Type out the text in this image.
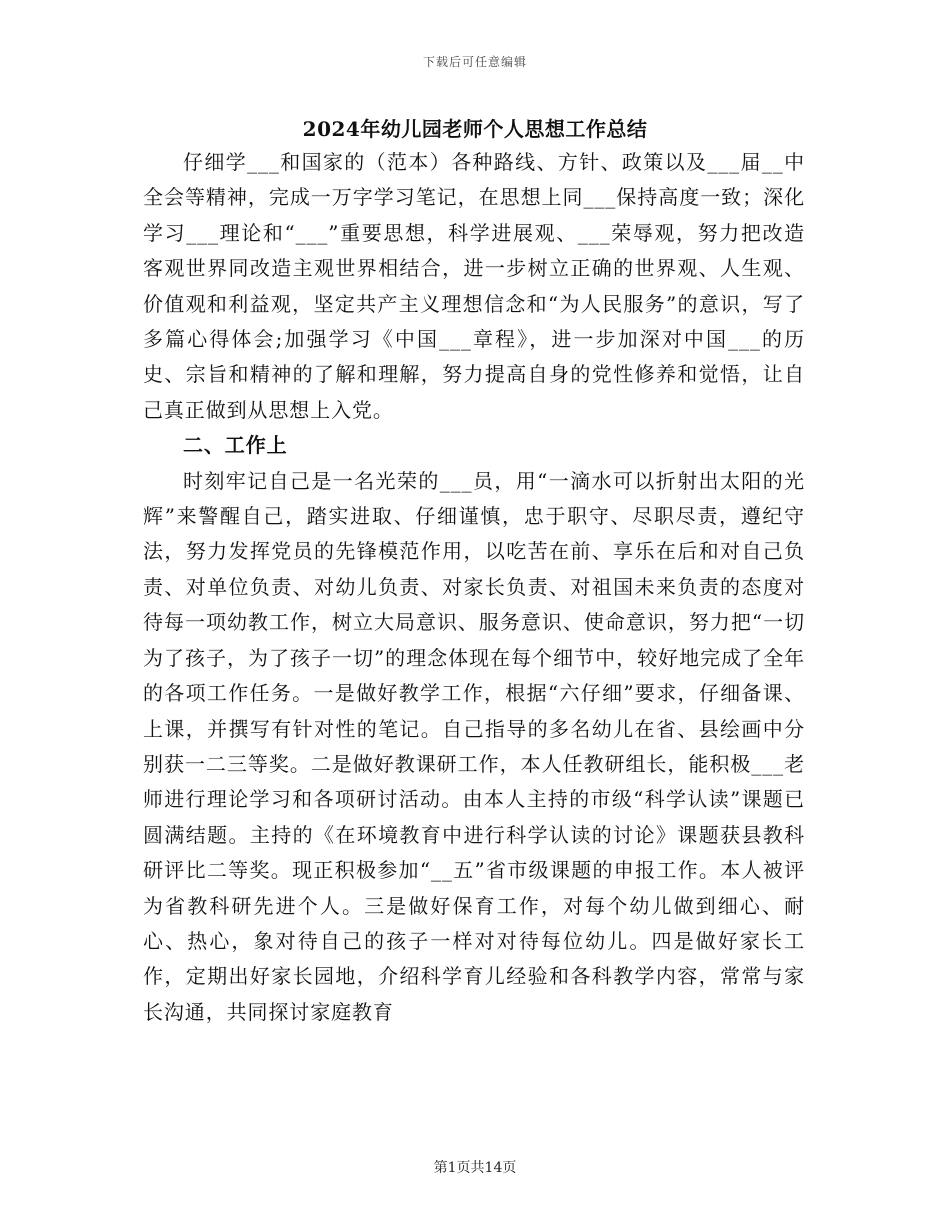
下载后可任意编辑
2024年幼儿园老师个人思想工作总结

仔细学___和国家的（范本）各种路线、方针、政策以及___届__中全会等精神，完成一万字学习笔记，在思想上同___保持高度一致；深化学习___理论和“___”重要思想，科学进展观、___荣辱观，努力把改造客观世界同改造主观世界相结合，进一步树立正确的世界观、人生观、价值观和利益观，坚定共产主义理想信念和“为人民服务”的意识，写了多篇心得体会;加强学习《中国___章程》，进一步加深对中国___的历史、宗旨和精神的了解和理解，努力提高自身的党性修养和觉悟，让自己真正做到从思想上入党。

二、工作上

时刻牢记自己是一名光荣的___员，用“一滴水可以折射出太阳的光辉”来警醒自己，踏实进取、仔细谨慎，忠于职守、尽职尽责，遵纪守法，努力发挥党员的先锋模范作用，以吃苦在前、享乐在后和对自己负责、对单位负责、对幼儿负责、对家长负责、对祖国未来负责的态度对待每一项幼教工作，树立大局意识、服务意识、使命意识，努力把“一切为了孩子，为了孩子一切”的理念体现在每个细节中，较好地完成了全年的各项工作任务。一是做好教学工作，根据“六仔细”要求，仔细备课、上课，并撰写有针对性的笔记。自己指导的多名幼儿在省、县绘画中分别获一二三等奖。二是做好教课研工作，本人任教研组长，能积极___老师进行理论学习和各项研讨活动。由本人主持的市级“科学认读”课题已圆满结题。主持的《在环境教育中进行科学认读的讨论》课题获县教科研评比二等奖。现正积极参加“__五”省市级课题的申报工作。本人被评为省教科研先进个人。三是做好保育工作，对每个幼儿做到细心、耐心、热心，象对待自己的孩子一样对对待每位幼儿。四是做好家长工作，定期出好家长园地，介绍科学育儿经验和各科教学内容，常常与家长沟通，共同探讨家庭教育

第1页共14页
